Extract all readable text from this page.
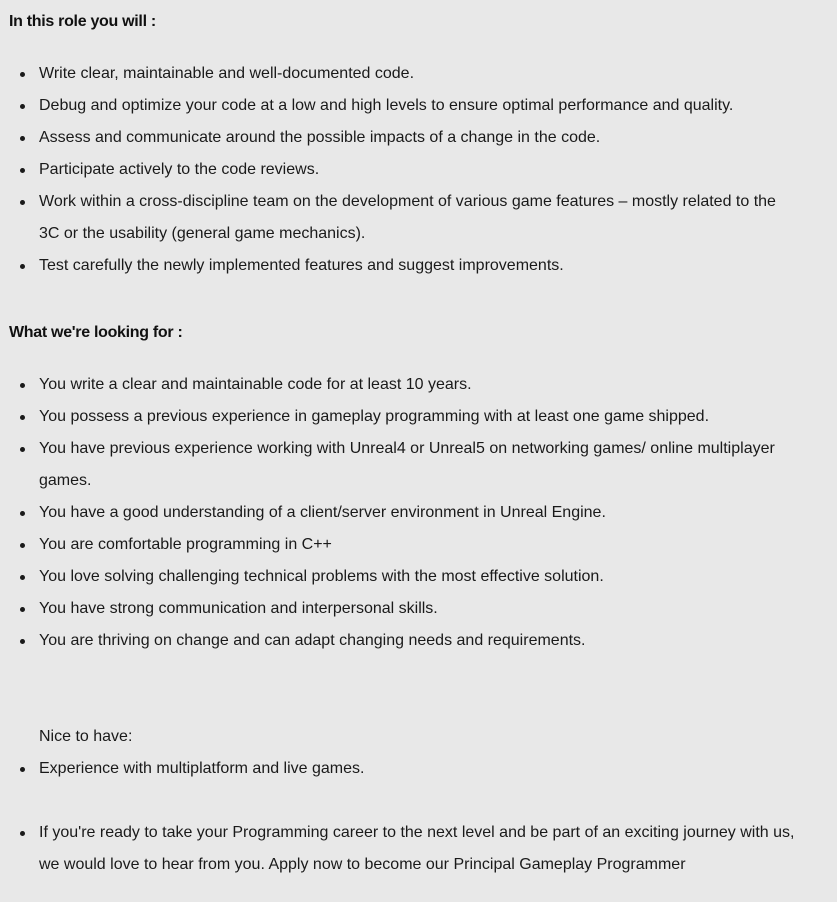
In this role you will :
Write clear, maintainable and well-documented code.
Debug and optimize your code at a low and high levels to ensure optimal performance and quality.
Assess and communicate around the possible impacts of a change in the code.
Participate actively to the code reviews.
Work within a cross-discipline team on the development of various game features – mostly related to the 3C or the usability (general game mechanics).
Test carefully the newly implemented features and suggest improvements.
What we're looking for :
You write a clear and maintainable code for at least 10 years.
You possess a previous experience in gameplay programming with at least one game shipped.
You have previous experience working with Unreal4 or Unreal5 on networking games/ online multiplayer games.
You have a good understanding of a client/server environment in Unreal Engine.
You are comfortable programming in C++
You love solving challenging technical problems with the most effective solution.
You have strong communication and interpersonal skills.
You are thriving on change and can adapt changing needs and requirements.
Nice to have:
Experience with multiplatform and live games.
If you're ready to take your Programming career to the next level and be part of an exciting journey with us, we would love to hear from you. Apply now to become our Principal Gameplay Programmer
